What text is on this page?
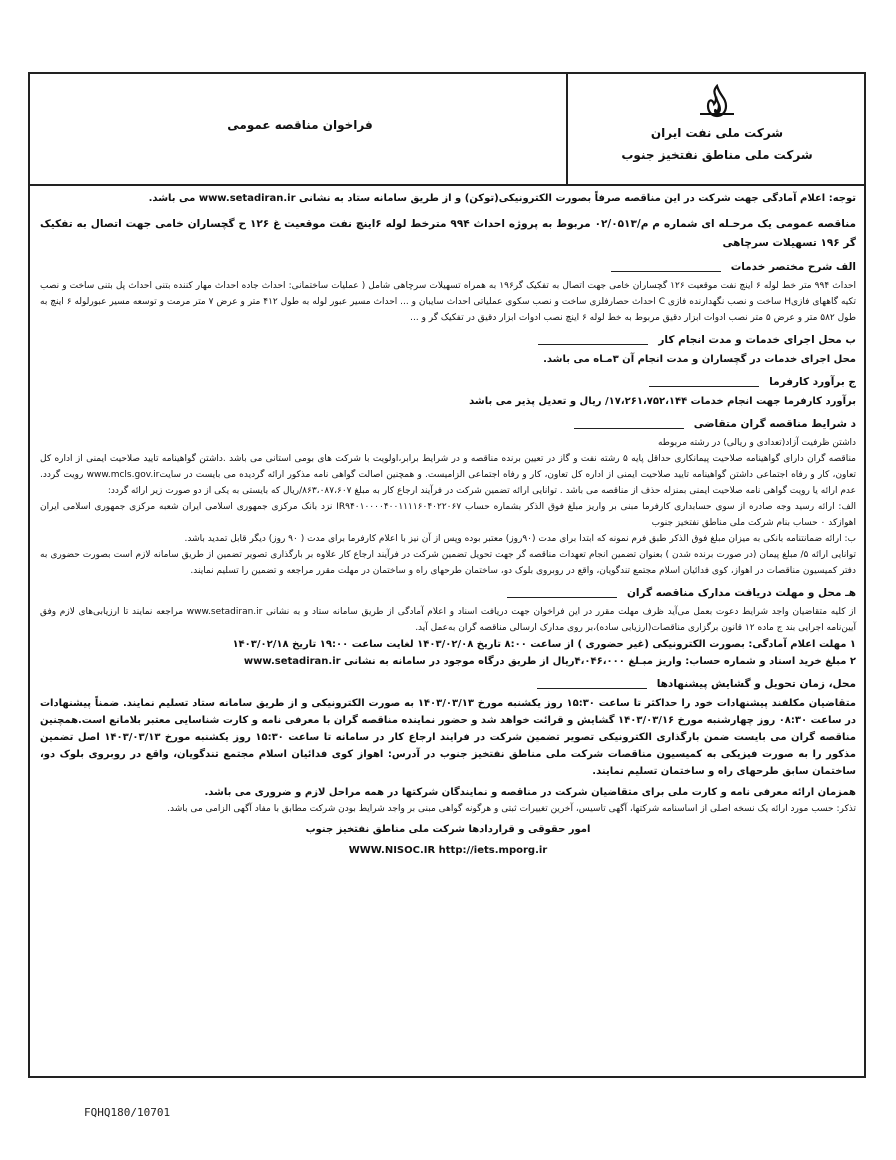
شرکت ملی نفت ایران
شرکت ملی مناطق نفتخیز جنوب
فراخوان مناقصه عمومی

توجه: اعلام آمادگی جهت شرکت در این مناقصه صرفاً بصورت الکترونیکی(توکن) و از طریق سامانه ستاد به نشانی www.setadiran.ir می باشد.

مناقصه عمومی یک مرحـله ای شماره م م/۰۲/۰۵۱۳ مربوط به پروژه احداث ۹۹۴ مترخط لوله ۶اینچ نفت موقعیت غ ۱۲۶ ح گچساران خامی جهت اتصال به تفکیک گر ۱۹۶ تسهیلات سرچاهی

الف شرح مختصر خدمات

احداث ۹۹۴ متر خط لوله ۶ اینچ نفت موقعیت ۱۲۶ گچساران خامی جهت اتصال به تفکیک گر۱۹۶ به همراه تسهیلات سرچاهی شامل ( عملیات ساختمانی: احداث جاده احداث مهار کننده بتنی احداث پل بتنی ساخت و نصب تکیه گاههای فازیH ساخت و نصب نگهدارنده فازی C احداث حصارفلزی ساخت و نصب سکوی عملیاتی احداث سایبان و ... احداث مسیر عبور لوله به طول ۴۱۲ متر و عرض ۷ متر مرمت و توسعه مسیر عبورلوله ۶ اینچ به طول ۵۸۲ متر و عرض ۵ متر نصب ادوات ابزار دقیق مربوط به خط لوله ۶ اینچ نصب ادوات ابزار دقیق در تفکیک گر و ...

ب محل اجرای خدمات و مدت انجام کار

محل اجرای خدمات در گچساران و مدت انجام آن ۳مـاه می باشد.

ج برآورد کارفرما

برآورد کارفرما جهت انجام خدمات ۱۷،۲۶۱،۷۵۲،۱۴۴/ ریال و تعدیل پذیر می باشد

د شرایط مناقصه گران متقاضی

داشتن ظرفیت آزاد(تعدادی و ریالی) در رشته مربوطه

مناقصه گران دارای گواهینامه صلاحیت پیمانکاری حداقل پایه ۵ رشته نفت و گاز در تعیین برنده مناقصه و در شرایط برابر،اولویت با شرکت های بومی استانی می باشد .داشتن گواهینامه تایید صلاحیت ایمنی از اداره کل تعاون، کار و رفاه اجتماعی داشتن گواهینامه تایید صلاحیت ایمنی از اداره کل تعاون، کار و رفاه اجتماعی الزامیست. و همچنین اصالت گواهی نامه مذکور ارائه گردیده می بایست در سایتwww.mcls.gov.ir رویت گردد. عدم ارائه یا رویت گواهی نامه صلاحیت ایمنی بمنزله حذف از مناقصه می باشد . توانایی ارائه تضمین شرکت در فرآیند ارجاع کار به مبلغ ۸۶۳،۰۸۷،۶۰۷/ریال که بایستی به یکی از دو صورت زیر ارائه گردد:

الف: ارائه رسید وجه صادره از سوی حسابداری کارفرما مبنی بر واریز مبلغ فوق الذکر بشماره حساب IR۹۴۰۱۰۰۰۰۴۰۰۱۱۱۱۶۰۴۰۲۲۰۶۷ نزد بانک مرکزی جمهوری اسلامی ایران شعبه مرکزی جمهوری اسلامی ایران اهوازکد ۰ حساب بنام شرکت ملی مناطق نفتخیز جنوب

ب: ارائه ضمانتنامه بانکی به میزان مبلغ فوق الذکر طبق فرم نمونه که ابتدا برای مدت (۹۰روز) معتبر بوده وپس از آن نیز با اعلام کارفرما برای مدت ( ۹۰ روز) دیگر قابل تمدید باشد.

توانایی ارائه ۵/ مبلغ پیمان (در صورت برنده شدن ) بعنوان تضمین انجام تعهدات مناقصه گر جهت تحویل تضمین شرکت در فرآیند ارجاع کار علاوه بر بارگذاری تصویر تضمین از طریق سامانه لازم است بصورت حضوری به دفتر کمیسیون مناقصات در اهواز، کوی فدائیان اسلام مجتمع تندگویان، واقع در روبروی بلوک دو، ساختمان طرحهای راه و ساختمان در مهلت مقرر مراجعه و تضمین را تسلیم نمایند.

هـ محل و مهلت دریافت مدارک مناقصه گران

از کلیه متقاضیان واجد شرایط دعوت بعمل می‌آید ظرف مهلت مقرر در این فراخوان جهت دریافت اسناد و اعلام آمادگی از طریق سامانه ستاد و به نشانی www.setadiran.ir مراجعه نمایند تا ارزیابی‌های لازم وفق آیین‌نامه اجرایی بند ج ماده ۱۲ قانون برگزاری مناقصات(ارزیابی ساده)،بر روی مدارک ارسالی مناقصه گران به‌عمل آید.

۱ مهلت اعلام آمادگی: بصورت الکترونیکی (غیر حضوری ) از ساعت ۸:۰۰ تاریخ ۱۴۰۳/۰۲/۰۸ لغایت ساعت ۱۹:۰۰ تاریخ ۱۴۰۳/۰۲/۱۸

۲ مبلغ خرید اسناد و شماره حساب: واریز مبـلغ ۴،۰۴۶،۰۰۰ریال از طریق درگاه موجود در سامانه به نشانی www.setadiran.ir

محل، زمان تحویل و گشایش پیشنهادها

متقاضیان مکلفند پیشنهادات خود را حداکثر تا ساعت ۱۵:۳۰ روز یکشنبه مورخ ۱۴۰۳/۰۳/۱۳ به صورت الکترونیکی و از طریق سامانه ستاد تسلیم نمایند. ضمناً پیشنهادات در ساعت ۰۸:۳۰ روز چهارشنبه مورخ ۱۴۰۳/۰۳/۱۶ گشایش و قرائت خواهد شد و حضور نماینده مناقصه گران با معرفی نامه و کارت شناسایی معتبر بلامانع است.همچنین مناقصه گران می بایست ضمن بارگذاری الکترونیکی تصویر تضمین شرکت در فرایند ارجاع کار در سامانه تا ساعت ۱۵:۳۰ روز یکشنبه مورخ ۱۴۰۳/۰۳/۱۳ اصل تضمین مذکور را به صورت فیزیکی به کمیسیون مناقصات شرکت ملی مناطق نفتخیز جنوب در آدرس: اهواز کوی فدائیان اسلام مجتمع تندگویان، واقع در روبروی بلوک دو، ساختمان سابق طرحهای راه و ساختمان تسلیم نمایند.

همزمان ارائه معرفی نامه و کارت ملی برای متقاضیان شرکت در مناقصه و نمایندگان شرکتها در همه مراحل لازم و ضروری می باشد.

تذکر: حسب مورد ارائه یک نسخه اصلی از اساسنامه شرکتها، آگهی تاسیس، آخرین تغییرات ثبتی و هرگونه گواهی مبنی بر واجد شرایط بودن شرکت مطابق با مفاد آگهی الزامی می باشد.

امور حقوقی و قراردادها شرکت ملی مناطق نفتخیز جنوب

WWW.NISOC.IR http://iets.mporg.ir

FQHQ180/10701
